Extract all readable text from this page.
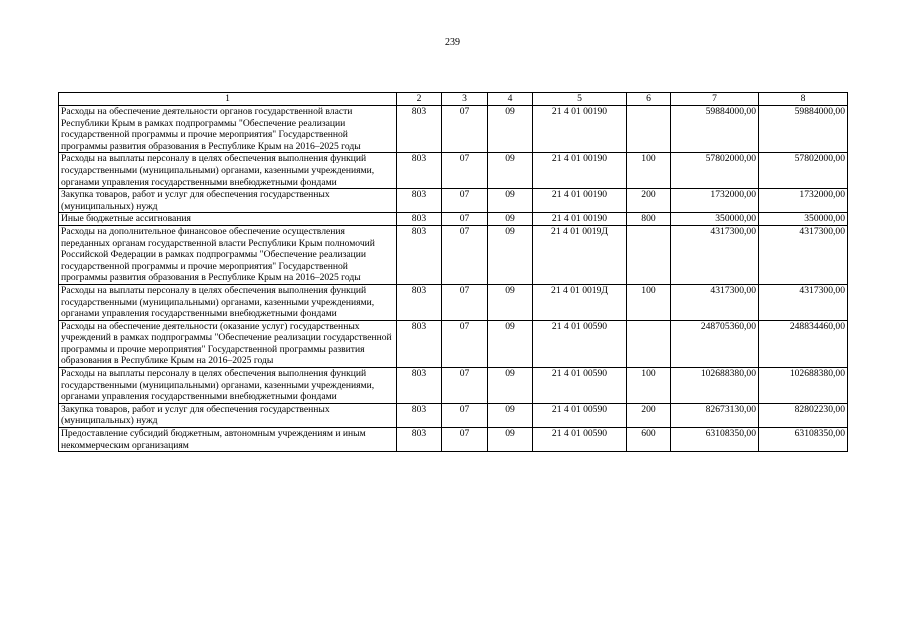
239
1	2	3	4	5	6	7	8
Расходы на обеспечение деятельности органов государственной власти Республики Крым в рамках подпрограммы "Обеспечение реализации государственной программы и прочие мероприятия" Государственной программы развития образования в Республике Крым на 2016–2025 годы	803	07	09	21 4 01 00190		59884000,00	59884000,00
Расходы на выплаты персоналу в целях обеспечения выполнения функций государственными (муниципальными) органами, казенными учреждениями, органами управления государственными внебюджетными фондами	803	07	09	21 4 01 00190	100	57802000,00	57802000,00
Закупка товаров, работ и услуг для обеспечения государственных (муниципальных) нужд	803	07	09	21 4 01 00190	200	1732000,00	1732000,00
Иные бюджетные ассигнования	803	07	09	21 4 01 00190	800	350000,00	350000,00
Расходы на дополнительное финансовое обеспечение осуществления переданных органам государственной власти Республики Крым полномочий Российской Федерации в рамках подпрограммы "Обеспечение реализации государственной программы и прочие мероприятия" Государственной программы развития образования в Республике Крым на 2016–2025 годы	803	07	09	21 4 01 0019Д		4317300,00	4317300,00
Расходы на выплаты персоналу в целях обеспечения выполнения функций государственными (муниципальными) органами, казенными учреждениями, органами управления государственными внебюджетными фондами	803	07	09	21 4 01 0019Д	100	4317300,00	4317300,00
Расходы на обеспечение деятельности (оказание услуг) государственных учреждений в рамках подпрограммы "Обеспечение реализации государственной программы и прочие мероприятия" Государственной программы развития образования в Республике Крым на 2016–2025 годы	803	07	09	21 4 01 00590		248705360,00	248834460,00
Расходы на выплаты персоналу в целях обеспечения выполнения функций государственными (муниципальными) органами, казенными учреждениями, органами управления государственными внебюджетными фондами	803	07	09	21 4 01 00590	100	102688380,00	102688380,00
Закупка товаров, работ и услуг для обеспечения государственных (муниципальных) нужд	803	07	09	21 4 01 00590	200	82673130,00	82802230,00
Предоставление субсидий бюджетным, автономным учреждениям и иным некоммерческим организациям	803	07	09	21 4 01 00590	600	63108350,00	63108350,00
